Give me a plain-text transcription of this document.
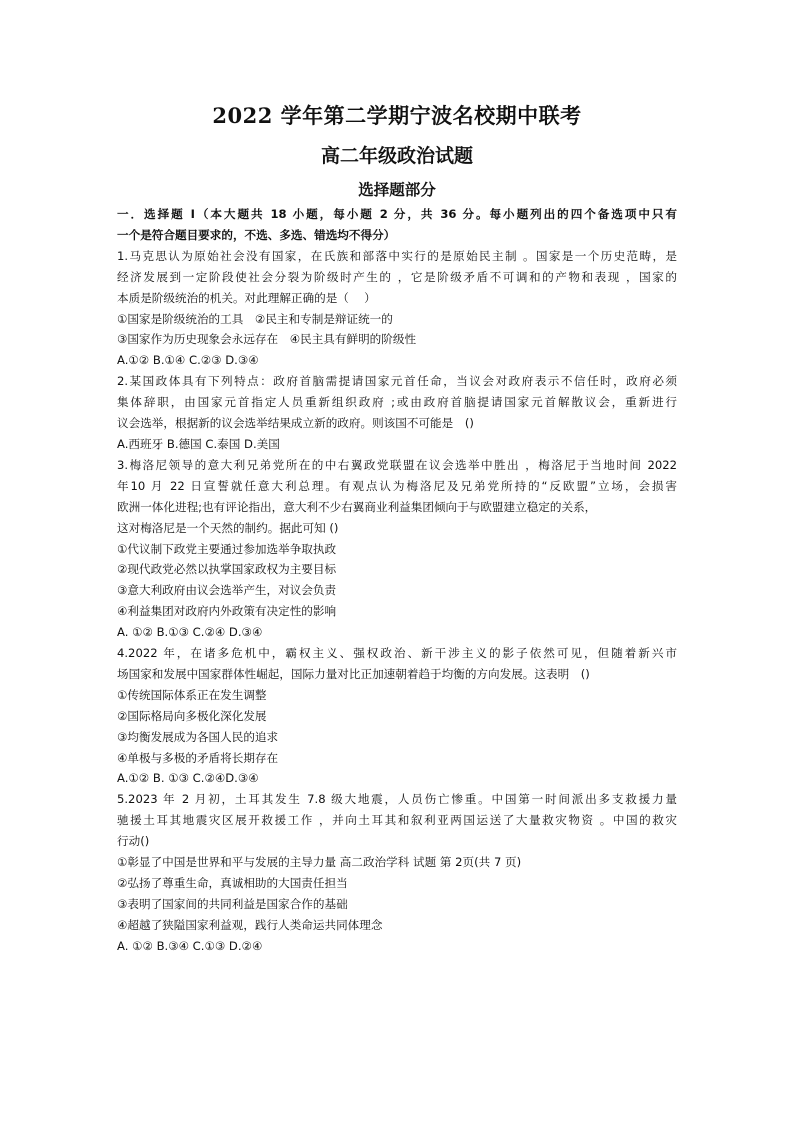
2022 学年第二学期宁波名校期中联考
高二年级政治试题
选择题部分
一．选择题 I（本大题共 18 小题，每小题 2 分，共 36 分。每小题列出的四个备选项中只有
一个是符合题目要求的，不选、多选、错选均不得分）
1.马克思认为原始社会没有国家，在氏族和部落中实行的是原始民主制 。国家是一个历史范畴，是
经济发展到一定阶段使社会分裂为阶级时产生的 ，它是阶级矛盾不可调和的产物和表现 ，国家的
本质是阶级统治的机关。对此理解正确的是（　 ）
①国家是阶级统治的工具　②民主和专制是辩证统一的
③国家作为历史现象会永远存在　④民主具有鲜明的阶级性
A.①② B.①④ C.②③ D.③④
2.某国政体具有下列特点：政府首脑需提请国家元首任命，当议会对政府表示不信任时，政府必须
集体辞职，由国家元首指定人员重新组织政府 ;或由政府首脑提请国家元首解散议会，重新进行
议会选举，根据新的议会选举结果成立新的政府。则该国不可能是　()
A.西班牙 B.德国 C.泰国 D.美国
3.梅洛尼领导的意大利兄弟党所在的中右翼政党联盟在议会选举中胜出 ，梅洛尼于当地时间 2022
年10 月 22 日宣誓就任意大利总理。有观点认为梅洛尼及兄弟党所持的“反欧盟”立场，会损害
欧洲一体化进程;也有评论指出，意大利不少右翼商业利益集团倾向于与欧盟建立稳定的关系，
这对梅洛尼是一个天然的制约。据此可知 ()
①代议制下政党主要通过参加选举争取执政
②现代政党必然以执掌国家政权为主要目标
③意大利政府由议会选举产生，对议会负责
④利益集团对政府内外政策有决定性的影响
A. ①② B.①③ C.②④ D.③④
4.2022 年，在诸多危机中，霸权主义、强权政治、新干涉主义的影子依然可见，但随着新兴市
场国家和发展中国家群体性崛起，国际力量对比正加速朝着趋于均衡的方向发展。这表明　()
①传统国际体系正在发生调整
②国际格局向多极化深化发展
③均衡发展成为各国人民的追求
④单极与多极的矛盾将长期存在
A.①② B. ①③ C.②④D.③④
5.2023 年 2 月初，土耳其发生 7.8 级大地震，人员伤亡惨重。中国第一时间派出多支救援力量
驰援土耳其地震灾区展开救援工作 ，并向土耳其和叙利亚两国运送了大量救灾物资 。中国的救灾
行动()
①彰显了中国是世界和平与发展的主导力量 高二政治学科 试题 第 2页(共 7 页)
②弘扬了尊重生命，真诚相助的大国责任担当
③表明了国家间的共同利益是国家合作的基础
④超越了狭隘国家利益观，践行人类命运共同体理念
A. ①② B.③④ C.①③ D.②④
